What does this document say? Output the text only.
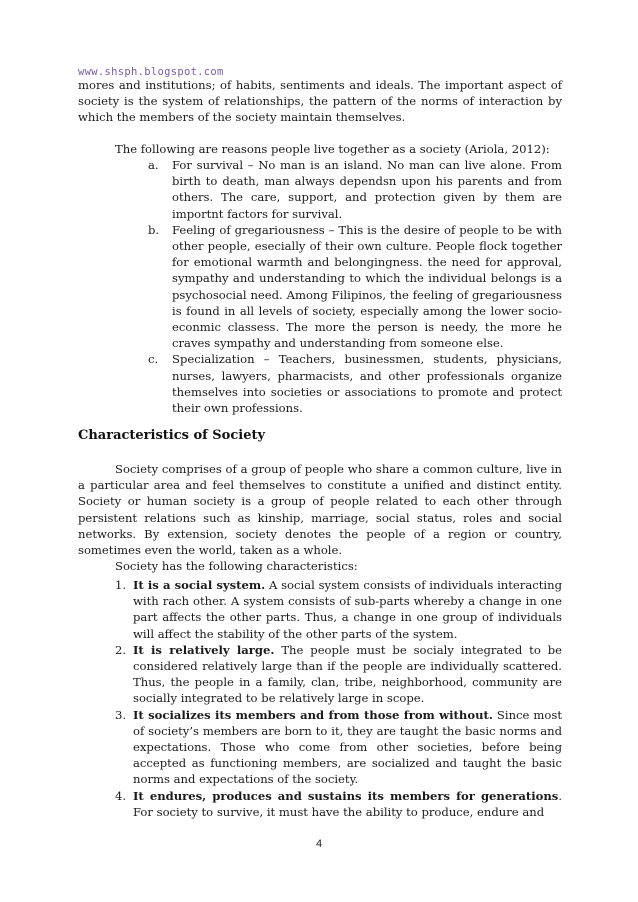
www.shsph.blogspot.com

mores and institutions; of habits, sentiments and ideals. The important aspect of society is the system of relationships, the pattern of the norms of interaction by which the members of the society maintain themselves.

The following are reasons people live together as a society (Ariola, 2012):
a.	For survival – No man is an island. No man can live alone. From birth to death, man always dependsn upon his parents and from others. The care, support, and protection given by them are importnt factors for survival.
b.	Feeling of gregariousness – This is the desire of people to be with other people, esecially of their own culture. People flock together for emotional warmth and belongingness. the need for approval, sympathy and understanding to which the individual belongs is a psychosocial need. Among Filipinos, the feeling of gregariousness is found in all levels of society, especially among the lower socio-econmic classess. The more the person is needy, the more he craves sympathy and understanding from someone else.
c.	Specialization – Teachers, businessmen, students, physicians, nurses, lawyers, pharmacists, and other professionals organize themselves into societies or associations to promote and protect their own professions.
Characteristics of Society

Society comprises of a group of people who share a common culture, live in a particular area and feel themselves to constitute a unified and distinct entity. Society or human society is a group of people related to each other through persistent relations such as kinship, marriage, social status, roles and social networks. By extension, society denotes the people of a region or country, sometimes even the world, taken as a whole.

Society has the following characteristics:

1. It is a social system. A social system consists of individuals interacting with rach other. A system consists of sub-parts whereby a change in one part affects the other parts. Thus, a change in one group of individuals will affect the stability of the other parts of the system.
2. It is relatively large. The people must be socialy integrated to be considered relatively large than if the people are individually scattered. Thus, the people in a family, clan, tribe, neighborhood, community are socially integrated to be relatively large in scope.
3. It socializes its members and from those from without. Since most of society’s members are born to it, they are taught the basic norms and expectations. Those who come from other societies, before being accepted as functioning members, are socialized and taught the basic norms and expectations of the society.
4. It endures, produces and sustains its members for generations. For society to survive, it must have the ability to produce, endure and
4
